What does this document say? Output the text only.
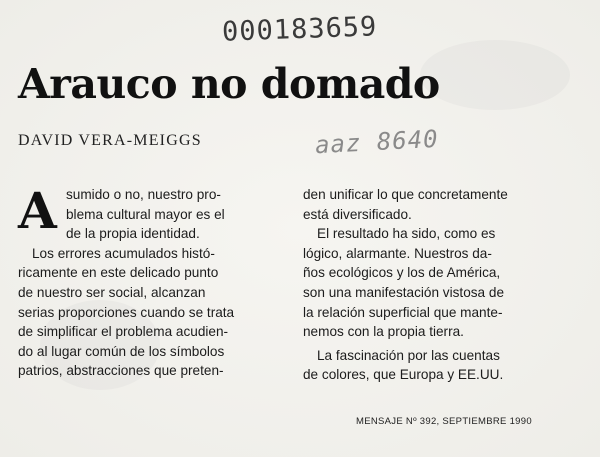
000183659
Arauco no domado
DAVID VERA-MEIGGS	aaz 8640
A sumido o no, nuestro pro-
blema cultural mayor es el
de la propia identidad.
Los errores acumulados histó-
ricamente en este delicado punto
de nuestro ser social, alcanzan
serias proporciones cuando se trata
de simplificar el problema acudien-
do al lugar común de los símbolos
patrios, abstracciones que preten-
den unificar lo que concretamente
está diversificado.
El resultado ha sido, como es
lógico, alarmante. Nuestros da-
ños ecológicos y los de América,
son una manifestación vistosa de
la relación superficial que mante-
nemos con la propia tierra.
La fascinación por las cuentas
de colores, que Europa y EE.UU.
MENSAJE Nº 392, SEPTIEMBRE 1990
